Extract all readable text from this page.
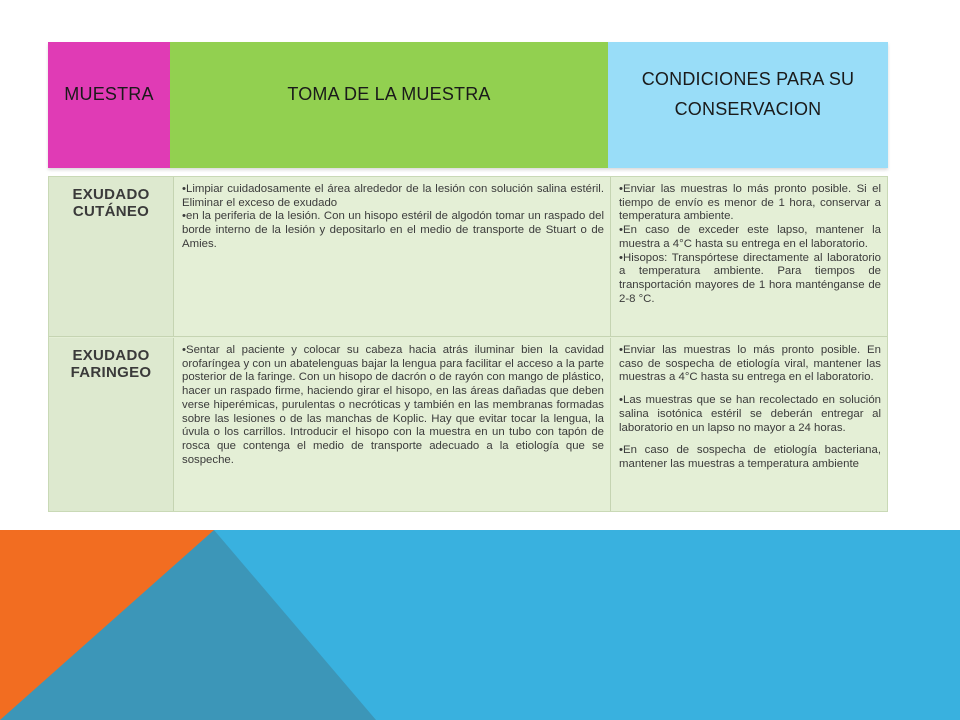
MUESTRA	TOMA DE LA MUESTRA
CONDICIONES PARA SU
CONSERVACION
EXUDADO
CUTÁNEO

•Limpiar cuidadosamente el área alrededor de la lesión con solución salina estéril. Eliminar el exceso de exudado

•en la periferia de la lesión. Con un hisopo estéril de algodón tomar un raspado del borde interno de la lesión y depositarlo en el medio de transporte de Stuart o de Amies.

•Enviar las muestras lo más pronto posible. Si el tiempo de envío es menor de 1 hora, conservar a temperatura ambiente.

•En caso de exceder este lapso, mantener la muestra a 4°C hasta su entrega en el laboratorio.

•Hisopos: Transpórtese directamente al laboratorio a temperatura ambiente. Para tiempos de transportación mayores de 1 hora manténganse de 2-8 °C.

EXUDADO
FARINGEO

•Sentar al paciente y colocar su cabeza hacia atrás iluminar bien la cavidad orofaríngea y con un abatelenguas bajar la lengua para facilitar el acceso a la parte posterior de la faringe. Con un hisopo de dacrón o de rayón con mango de plástico, hacer un raspado firme, haciendo girar el hisopo, en las áreas dañadas que deben verse hiperémicas, purulentas o necróticas y también en las membranas formadas sobre las lesiones o de las manchas de Koplic. Hay que evitar tocar la lengua, la úvula o los carrillos. Introducir el hisopo con la muestra en un tubo con tapón de rosca que contenga el medio de transporte adecuado a la etiología que se sospeche.

•Enviar las muestras lo más pronto posible. En caso de sospecha de etiología viral, mantener las muestras a 4°C hasta su entrega en el laboratorio.

•Las muestras que se han recolectado en solución salina isotónica estéril se deberán entregar al laboratorio en un lapso no mayor a 24 horas.

•En caso de sospecha de etiología bacteriana, mantener las muestras a temperatura ambiente
